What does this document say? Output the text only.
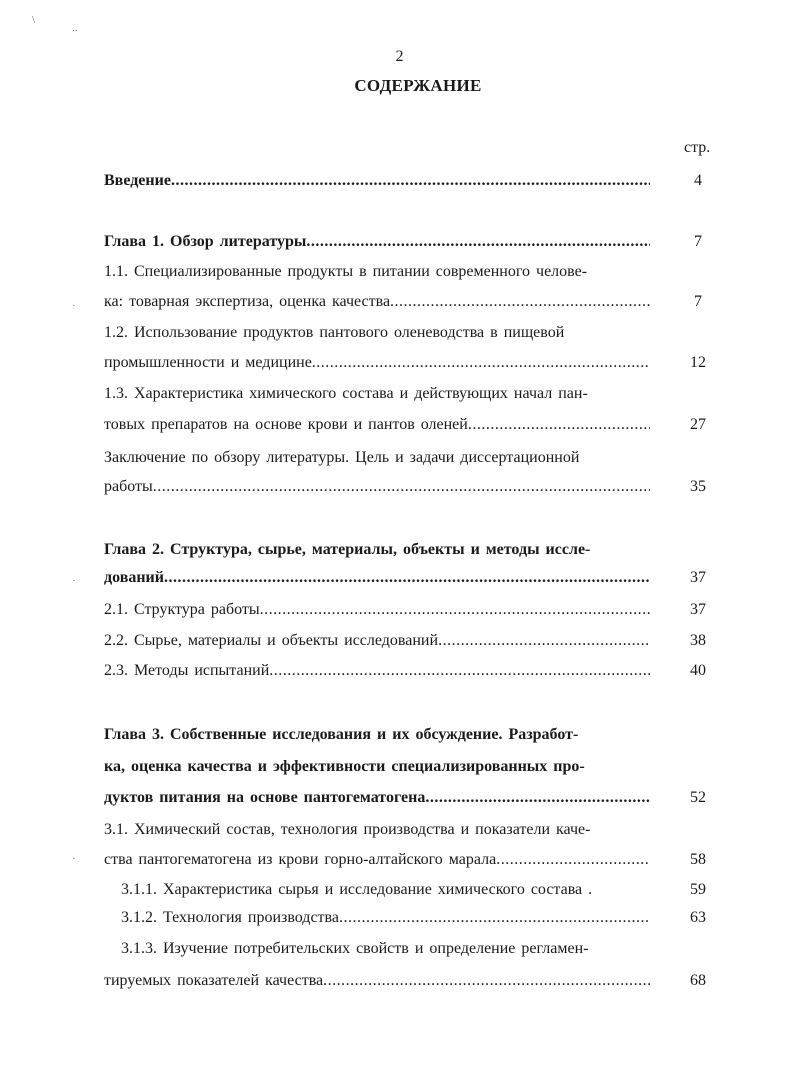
2
СОДЕРЖАНИЕ
стр.
Введение .....	4
Глава 1. Обзор литературы .....	7
1.1. Специализированные продукты в питании современного челове-
ка: товарная экспертиза, оценка качества .....	7
1.2. Использование продуктов пантового оленеводства в пищевой
промышленности и медицине .....	12
1.3. Характеристика химического состава и действующих начал пан-
товых препаратов на основе крови и пантов оленей .....	27
Заключение по обзору литературы. Цель и задачи диссертационной
работы .....	35
Глава 2. Структура, сырье, материалы, объекты и методы иссле-
дований .....	37
2.1. Структура работы .....	37
2.2. Сырье, материалы и объекты исследований .....	38
2.3. Методы испытаний .....	40
Глава 3. Собственные исследования и их обсуждение. Разработ-
ка, оценка качества и эффективности специализированных про-
дуктов питания на основе пантогематогена .....	52
3.1. Химический состав, технология производства и показатели каче-
ства пантогематогена из крови горно-алтайского марала .....	58
3.1.1. Характеристика сырья и исследование химического состава .	59
3.1.2. Технология производства .....	63
3.1.3. Изучение потребительских свойств и определение регламен-
тируемых показателей качества .....	68
\
..
·
·
·
